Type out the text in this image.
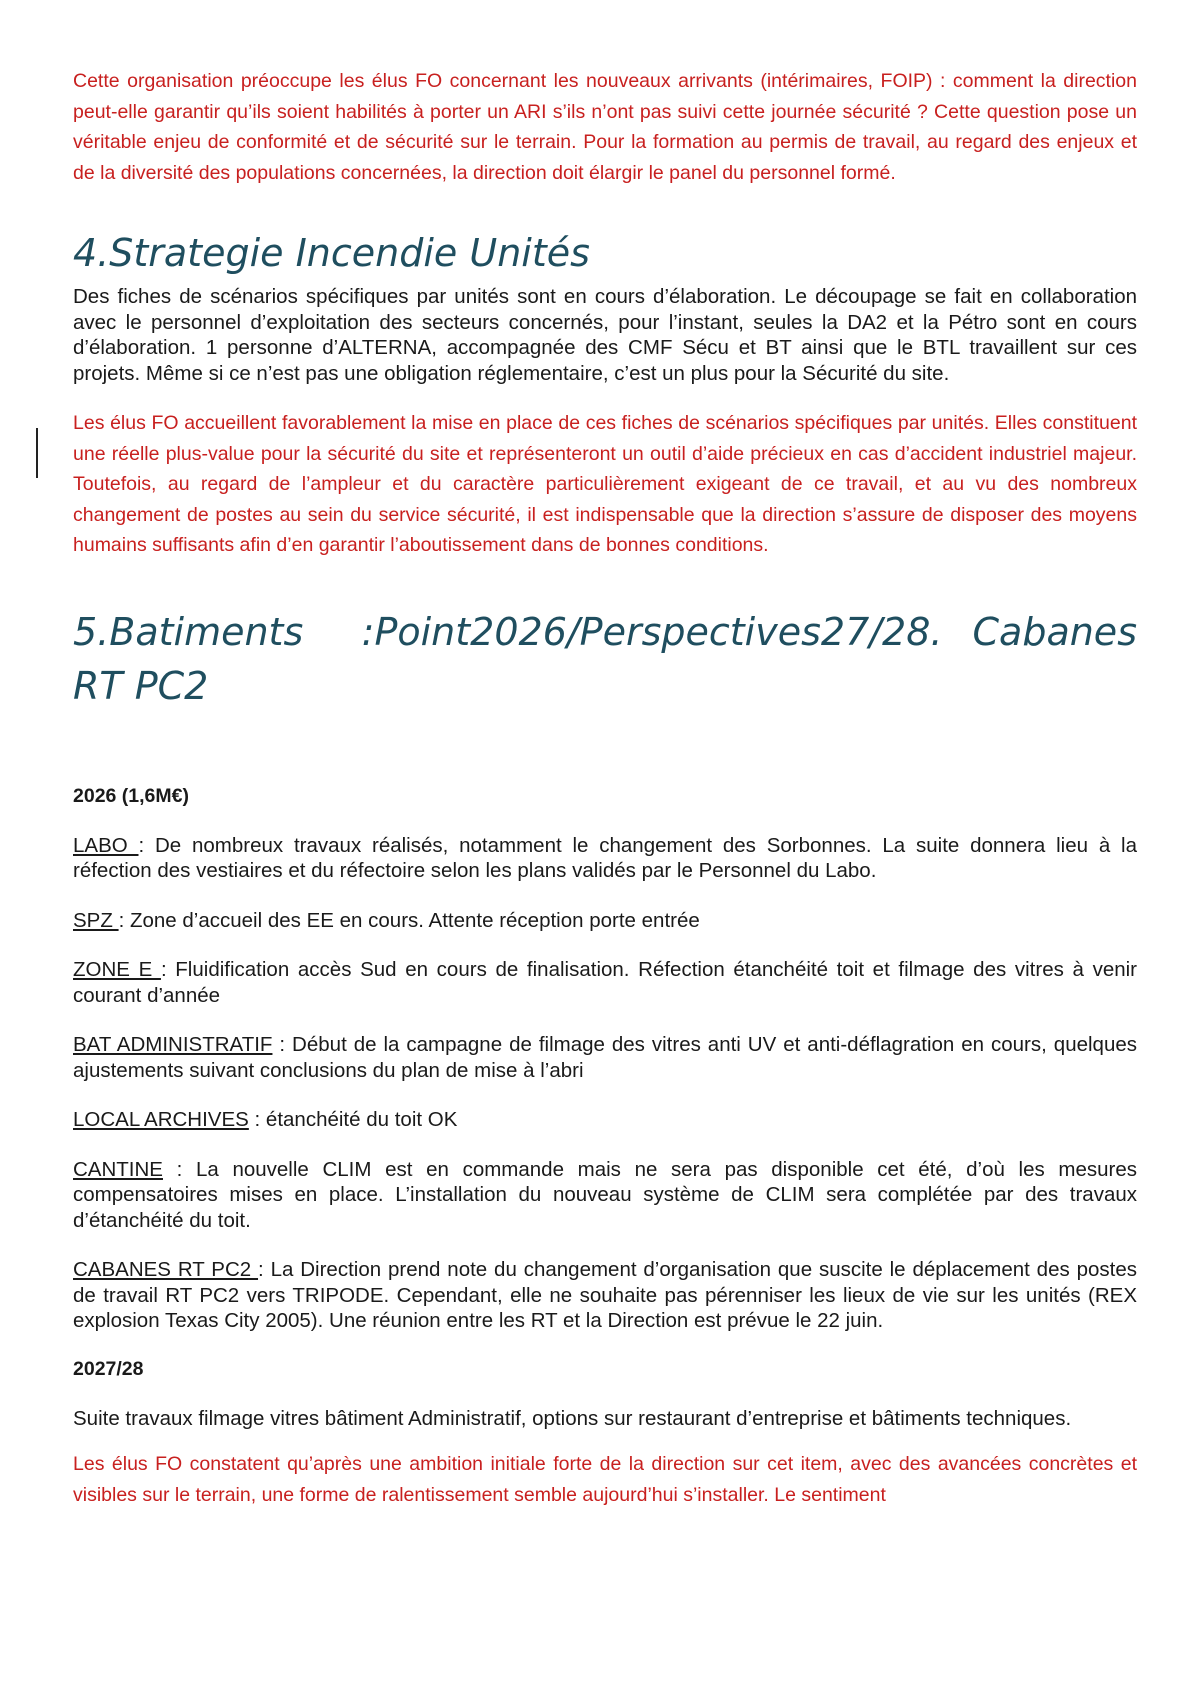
Cette organisation préoccupe les élus FO concernant les nouveaux arrivants (intérimaires, FOIP) : comment la direction peut-elle garantir qu’ils soient habilités à porter un ARI s’ils n’ont pas suivi cette journée sécurité ? Cette question pose un véritable enjeu de conformité et de sécurité sur le terrain. Pour la formation au permis de travail, au regard des enjeux et de la diversité des populations concernées, la direction doit élargir le panel du personnel formé.

4.Strategie Incendie Unités

Des fiches de scénarios spécifiques par unités sont en cours d’élaboration. Le découpage se fait en collaboration avec le personnel d’exploitation des secteurs concernés, pour l’instant, seules la DA2 et la Pétro sont en cours d’élaboration. 1 personne d’ALTERNA, accompagnée des CMF Sécu et BT ainsi que le BTL travaillent sur ces projets. Même si ce n’est pas une obligation réglementaire, c’est un plus pour la Sécurité du site.

Les élus FO accueillent favorablement la mise en place de ces fiches de scénarios spécifiques par unités. Elles constituent une réelle plus-value pour la sécurité du site et représenteront un outil d’aide précieux en cas d’accident industriel majeur. Toutefois, au regard de l’ampleur et du caractère particulièrement exigeant de ce travail, et au vu des nombreux changement de postes au sein du service sécurité, il est indispensable que la direction s’assure de disposer des moyens humains suffisants afin d’en garantir l’aboutissement dans de bonnes conditions.

5.Batiments :Point2026/Perspectives27/28. Cabanes RT PC2

2026 (1,6M€)

LABO : De nombreux travaux réalisés, notamment le changement des Sorbonnes. La suite donnera lieu à la réfection des vestiaires et du réfectoire selon les plans validés par le Personnel du Labo.

SPZ : Zone d’accueil des EE en cours. Attente réception porte entrée

ZONE E : Fluidification accès Sud en cours de finalisation. Réfection étanchéité toit et filmage des vitres à venir courant d’année

BAT ADMINISTRATIF : Début de la campagne de filmage des vitres anti UV et anti-déflagration en cours, quelques ajustements suivant conclusions du plan de mise à l’abri

LOCAL ARCHIVES : étanchéité du toit OK

CANTINE : La nouvelle CLIM est en commande mais ne sera pas disponible cet été, d’où les mesures compensatoires mises en place. L’installation du nouveau système de CLIM sera complétée par des travaux d’étanchéité du toit.

CABANES RT PC2 : La Direction prend note du changement d’organisation que suscite le déplacement des postes de travail RT PC2 vers TRIPODE. Cependant, elle ne souhaite pas pérenniser les lieux de vie sur les unités (REX explosion Texas City 2005). Une réunion entre les RT et la Direction est prévue le 22 juin.

2027/28

Suite travaux filmage vitres bâtiment Administratif, options sur restaurant d’entreprise et bâtiments techniques.

Les élus FO constatent qu’après une ambition initiale forte de la direction sur cet item, avec des avancées concrètes et visibles sur le terrain, une forme de ralentissement semble aujourd’hui s’installer. Le sentiment
